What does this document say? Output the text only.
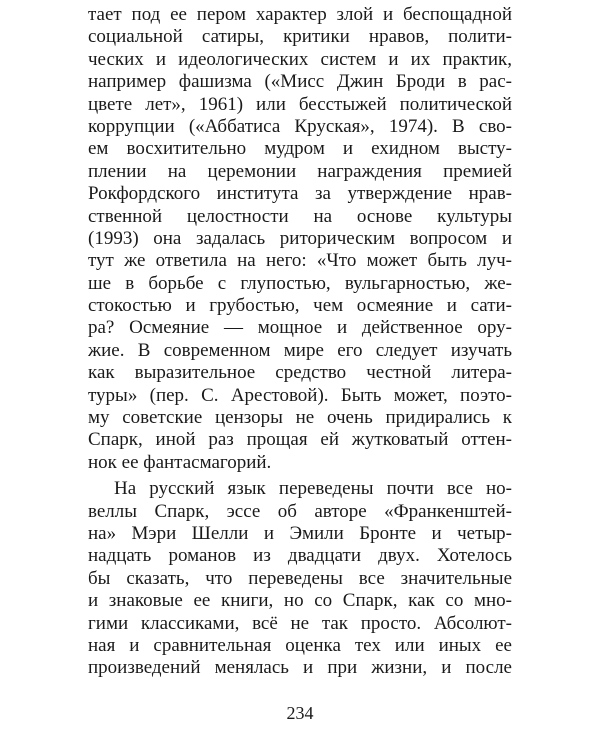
тает под ее пером характер злой и беспощадной
социальной сатиры, критики нравов, полити-
ческих и идеологических систем и их практик,
например фашизма («Мисс Джин Броди в рас-
цвете лет», 1961) или бесстыжей политической
коррупции («Аббатиса Круская», 1974). В сво-
ем восхитительно мудром и ехидном высту-
плении на церемонии награждения премией
Рокфордского института за утверждение нрав-
ственной целостности на основе культуры
(1993) она задалась риторическим вопросом и
тут же ответила на него: «Что может быть луч-
ше в борьбе с глупостью, вульгарностью, же-
стокостью и грубостью, чем осмеяние и сати-
ра? Осмеяние — мощное и действенное ору-
жие. В современном мире его следует изучать
как выразительное средство честной литера-
туры» (пер. С. Арестовой). Быть может, поэто-
му советские цензоры не очень придирались к
Спарк, иной раз прощая ей жутковатый оттен-
нок ее фантасмагорий.
На русский язык переведены почти все но-
веллы Спарк, эссе об авторе «Франкенштей-
на» Мэри Шелли и Эмили Бронте и четыр-
надцать романов из двадцати двух. Хотелось
бы сказать, что переведены все значительные
и знаковые ее книги, но со Спарк, как со мно-
гими классиками, всё не так просто. Абсолют-
ная и сравнительная оценка тех или иных ее
произведений менялась и при жизни, и после
234
